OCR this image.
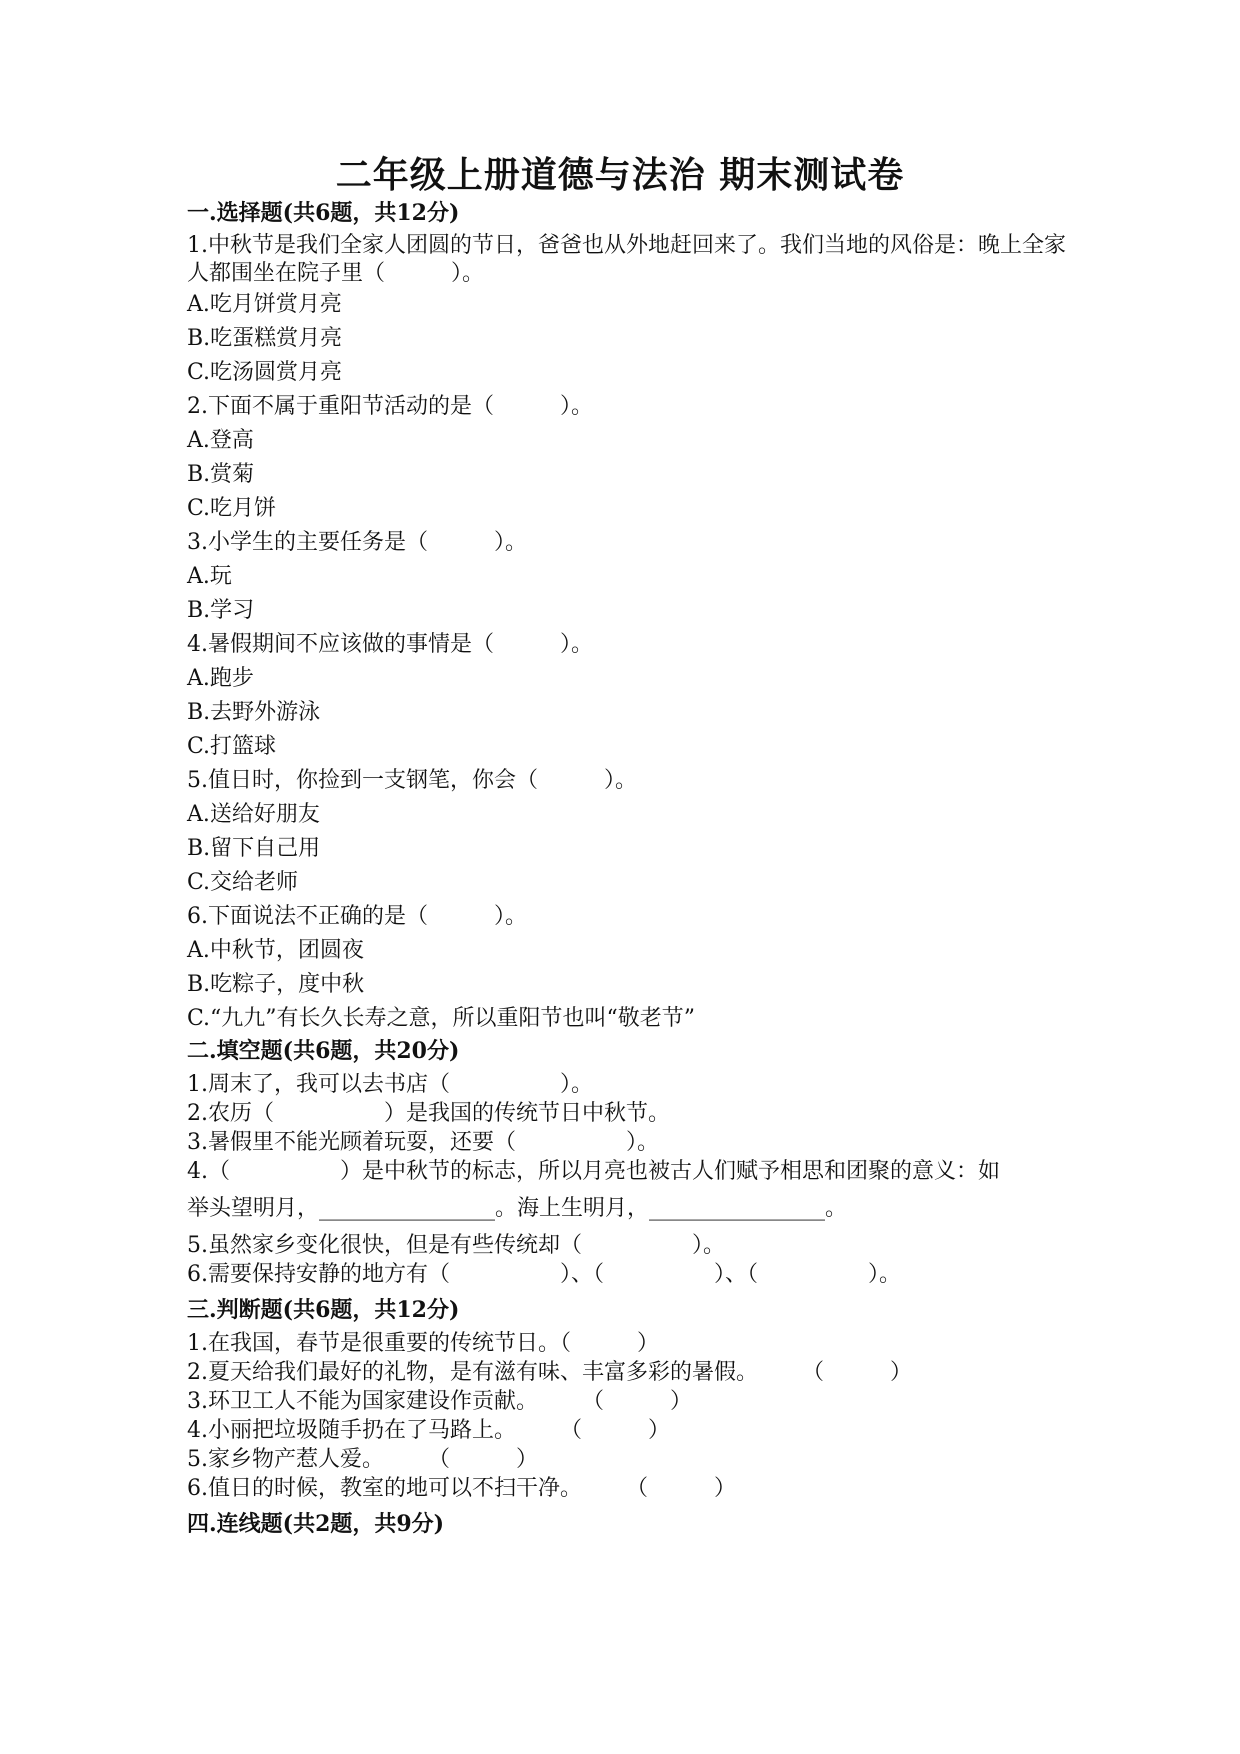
二年级上册道德与法治 期末测试卷

一.选择题(共6题，共12分)

1.中秋节是我们全家人团圆的节日，爸爸也从外地赶回来了。我们当地的风俗是：晚上全家人都围坐在院子里（　　　）。

A.吃月饼赏月亮

B.吃蛋糕赏月亮

C.吃汤圆赏月亮

2.下面不属于重阳节活动的是（　　　）。

A.登高

B.赏菊

C.吃月饼

3.小学生的主要任务是（　　　）。

A.玩

B.学习

4.暑假期间不应该做的事情是（　　　）。

A.跑步

B.去野外游泳

C.打篮球

5.值日时，你捡到一支钢笔，你会（　　　）。

A.送给好朋友

B.留下自己用

C.交给老师

6.下面说法不正确的是（　　　）。

A.中秋节，团圆夜

B.吃粽子，度中秋

C.“九九”有长久长寿之意，所以重阳节也叫“敬老节”

二.填空题(共6题，共20分)

1.周末了，我可以去书店（　　　　　）。

2.农历（　　　　　）是我国的传统节日中秋节。

3.暑假里不能光顾着玩耍，还要（　　　　　）。

4.（　　　　　）是中秋节的标志，所以月亮也被古人们赋予相思和团聚的意义：如

举头望明月，________________。海上生明月，________________。

5.虽然家乡变化很快，但是有些传统却（　　　　　）。

6.需要保持安静的地方有（　　　　　）、（　　　　　）、（　　　　　）。

三.判断题(共6题，共12分)

1.在我国，春节是很重要的传统节日。（　　　）

2.夏天给我们最好的礼物，是有滋有味、丰富多彩的暑假。　　　（　　　）

3.环卫工人不能为国家建设作贡献。　　　（　　　）

4.小丽把垃圾随手扔在了马路上。　　　（　　　）

5.家乡物产惹人爱。　　　（　　　）

6.值日的时候，教室的地可以不扫干净。　　　（　　　）

四.连线题(共2题，共9分)
